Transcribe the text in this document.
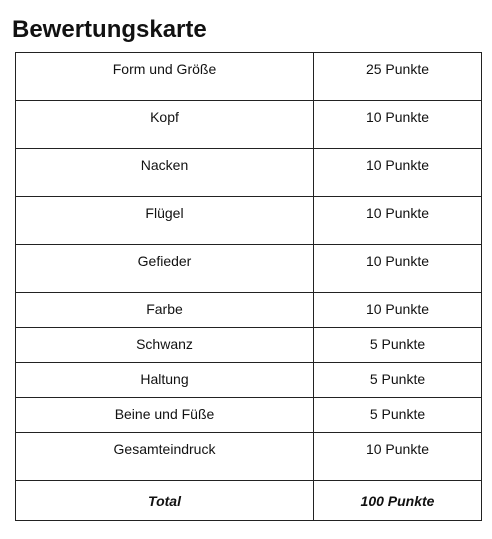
Bewertungskarte
Form und Größe	25 Punkte

Kopf	10 Punkte

Nacken	10 Punkte

Flügel	10 Punkte

Gefieder	10 Punkte

Farbe	10 Punkte

Schwanz	5 Punkte

Haltung	5 Punkte

Beine und Füße	5 Punkte

Gesamteindruck	10 Punkte

Total	100 Punkte
